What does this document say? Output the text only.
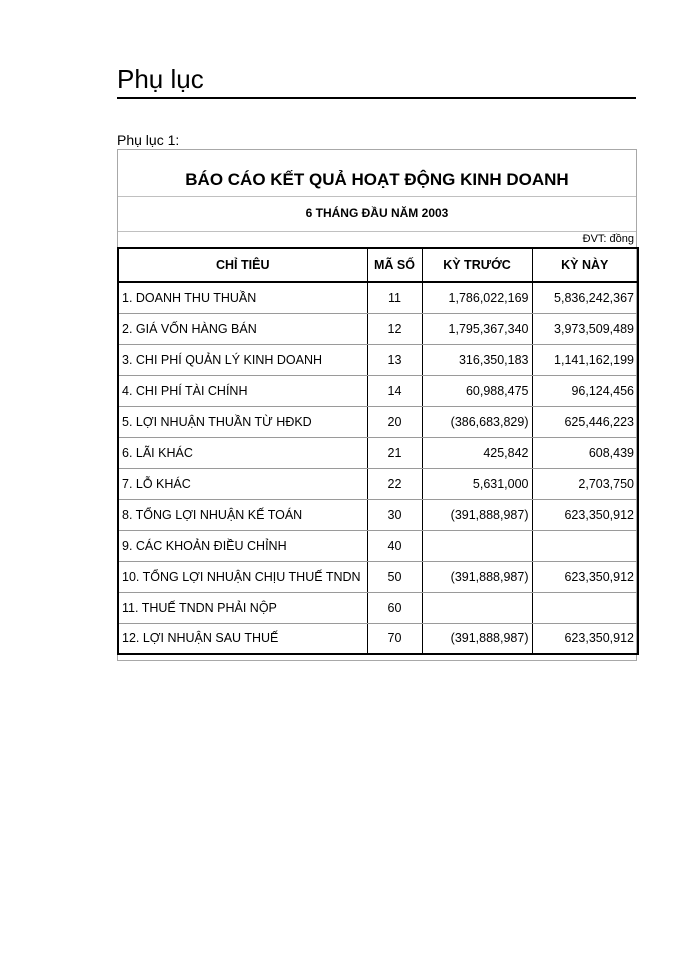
Phụ lục
Phụ lục 1:
BÁO CÁO KẾT QUẢ HOẠT ĐỘNG KINH DOANH
6 THÁNG ĐẦU NĂM 2003
ĐVT: đồng
CHỈ TIÊU	MÃ SỐ	KỲ TRƯỚC	KỲ NÀY
1. DOANH THU THUẦN	11	1,786,022,169	5,836,242,367
2. GIÁ VỐN HÀNG BÁN	12	1,795,367,340	3,973,509,489
3. CHI PHÍ QUẢN LÝ KINH DOANH	13	316,350,183	1,141,162,199
4. CHI PHÍ TÀI CHÍNH	14	60,988,475	96,124,456
5. LỢI NHUẬN THUẦN TỪ HĐKD	20	(386,683,829)	625,446,223
6. LÃI KHÁC	21	425,842	608,439
7. LỖ KHÁC	22	5,631,000	2,703,750
8. TỔNG LỢI NHUẬN KẾ TOÁN	30	(391,888,987)	623,350,912
9. CÁC KHOẢN ĐIỀU CHỈNH	40		
10. TỔNG LỢI NHUẬN CHỊU THUẾ TNDN	50	(391,888,987)	623,350,912
11. THUẾ TNDN PHẢI NỘP	60		
12. LỢI NHUẬN SAU THUẾ	70	(391,888,987)	623,350,912
